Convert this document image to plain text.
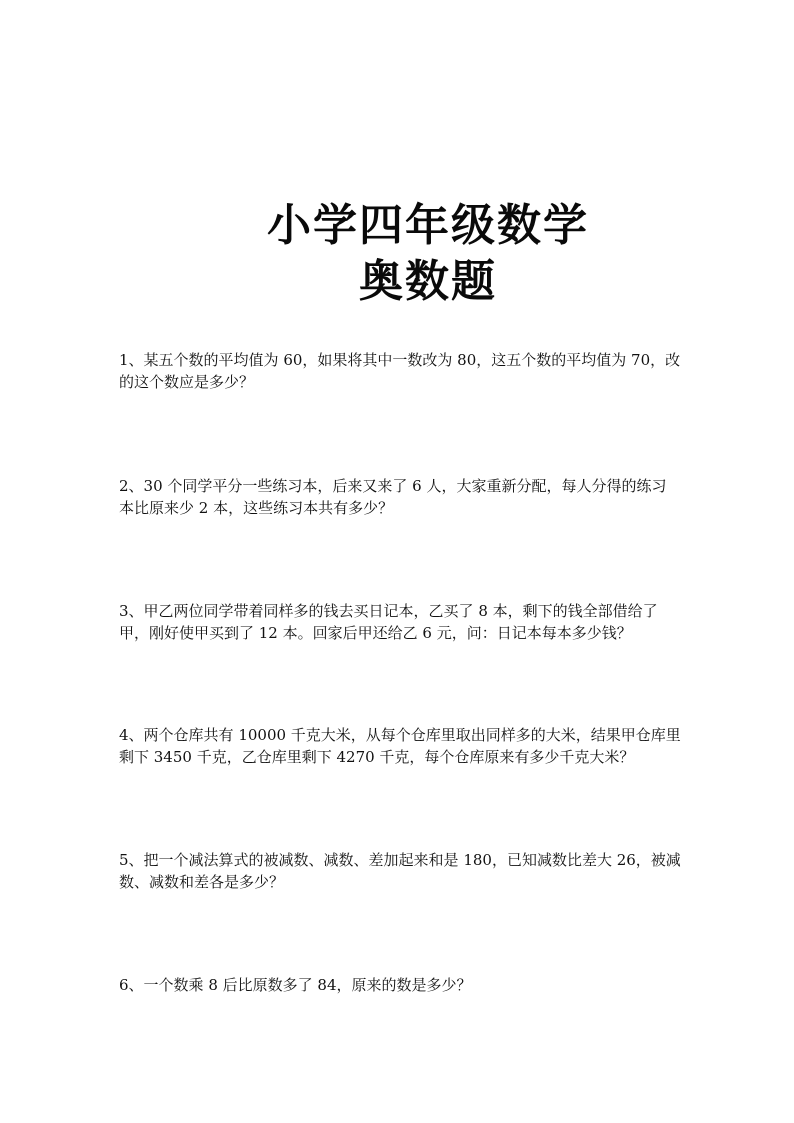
小学四年级数学
奥数题
1、某五个数的平均值为 60，如果将其中一数改为 80，这五个数的平均值为 70，改的这个数应是多少？
2、30 个同学平分一些练习本，后来又来了 6 人，大家重新分配，每人分得的练习本比原来少 2 本，这些练习本共有多少？
3、甲乙两位同学带着同样多的钱去买日记本，乙买了 8 本，剩下的钱全部借给了甲，刚好使甲买到了 12 本。回家后甲还给乙 6 元，问：日记本每本多少钱？
4、两个仓库共有 10000 千克大米，从每个仓库里取出同样多的大米，结果甲仓库里剩下 3450 千克，乙仓库里剩下 4270 千克，每个仓库原来有多少千克大米？
5、把一个减法算式的被减数、减数、差加起来和是 180，已知减数比差大 26，被减数、减数和差各是多少？
6、一个数乘 8 后比原数多了 84，原来的数是多少？
